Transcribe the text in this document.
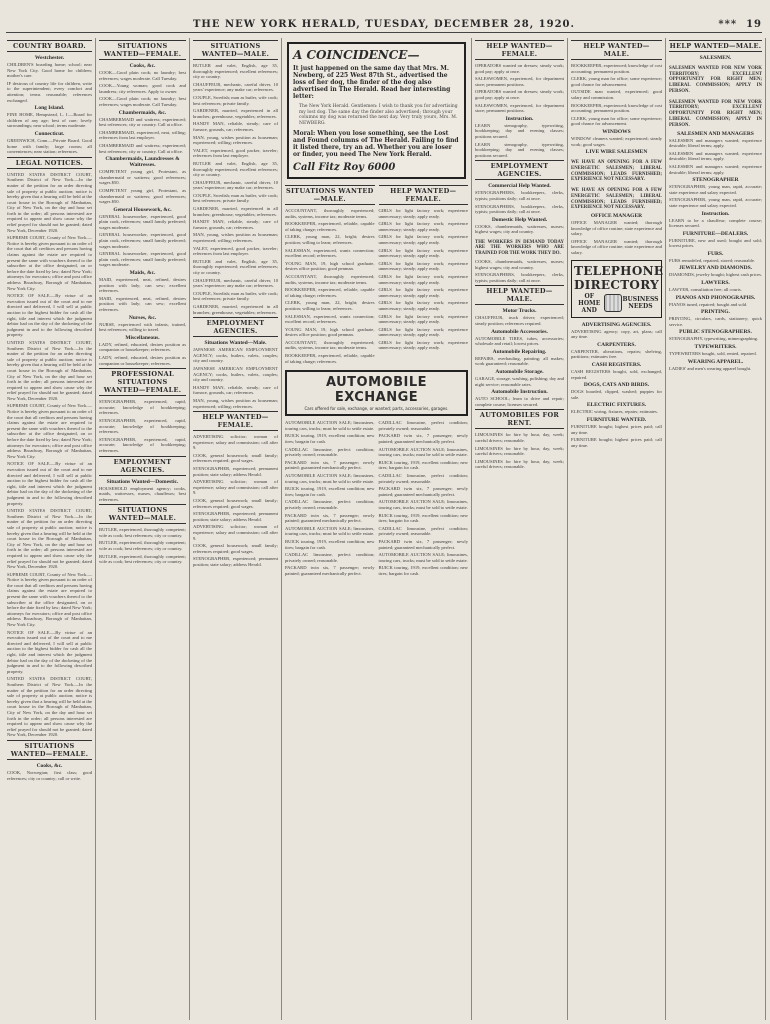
THE NEW YORK HERALD, TUESDAY, DECEMBER 28, 1920.	*** 19
COUNTRY BOARD.
Westchester.

CHILDREN'S boarding home; school; near New York City. Good home for children; mother's care.

IF desirous of country life for children, write to the superintendent; every comfort and attention; terms reasonable; references exchanged.

Long Island.

FINE HOME, Hempstead, L. I.—Board for children of any age; best of care; lovely surroundings; near school; terms moderate.

Connecticut.

GREENWICH, Conn.—Private Board. Good home with family; large rooms; all conveniences; near station; references.

LEGAL NOTICES.

UNITED STATES DISTRICT COURT, Southern District of New York.—In the matter of the petition for an order directing sale of property at public auction; notice is hereby given that a hearing will be held at the court house in the Borough of Manhattan, City of New York, on the day and hour set forth in the order; all persons interested are required to appear and show cause why the relief prayed for should not be granted; dated New York, December 1920.

SUPREME COURT, County of New York.—Notice is hereby given pursuant to an order of the court that all creditors and persons having claims against the estate are required to present the same with vouchers thereof to the subscriber at the office designated, on or before the date fixed by law; dated New York; attorneys for executors; office and post office address Broadway, Borough of Manhattan, New York City.

NOTICE OF SALE.—By virtue of an execution issued out of the court and to me directed and delivered, I will sell at public auction to the highest bidder for cash all the right, title and interest which the judgment debtor had on the day of the docketing of the judgment in and to the following described property.

UNITED STATES DISTRICT COURT, Southern District of New York.—In the matter of the petition for an order directing sale of property at public auction; notice is hereby given that a hearing will be held at the court house in the Borough of Manhattan, City of New York, on the day and hour set forth in the order; all persons interested are required to appear and show cause why the relief prayed for should not be granted; dated New York, December 1920.

SUPREME COURT, County of New York.—Notice is hereby given pursuant to an order of the court that all creditors and persons having claims against the estate are required to present the same with vouchers thereof to the subscriber at the office designated, on or before the date fixed by law; dated New York; attorneys for executors; office and post office address Broadway, Borough of Manhattan, New York City.

NOTICE OF SALE.—By virtue of an execution issued out of the court and to me directed and delivered, I will sell at public auction to the highest bidder for cash all the right, title and interest which the judgment debtor had on the day of the docketing of the judgment in and to the following described property.

UNITED STATES DISTRICT COURT, Southern District of New York.—In the matter of the petition for an order directing sale of property at public auction; notice is hereby given that a hearing will be held at the court house in the Borough of Manhattan, City of New York, on the day and hour set forth in the order; all persons interested are required to appear and show cause why the relief prayed for should not be granted; dated New York, December 1920.

SUPREME COURT, County of New York.—Notice is hereby given pursuant to an order of the court that all creditors and persons having claims against the estate are required to present the same with vouchers thereof to the subscriber at the office designated, on or before the date fixed by law; dated New York; attorneys for executors; office and post office address Broadway, Borough of Manhattan, New York City.

NOTICE OF SALE.—By virtue of an execution issued out of the court and to me directed and delivered, I will sell at public auction to the highest bidder for cash all the right, title and interest which the judgment debtor had on the day of the docketing of the judgment in and to the following described property.

UNITED STATES DISTRICT COURT, Southern District of New York.—In the matter of the petition for an order directing sale of property at public auction; notice is hereby given that a hearing will be held at the court house in the Borough of Manhattan, City of New York, on the day and hour set forth in the order; all persons interested are required to appear and show cause why the relief prayed for should not be granted; dated New York, December 1920.

SITUATIONS WANTED—FEMALE.
Cooks, &c.

COOK, Norwegian; first class; good references; city or country; call or write.

SITUATIONS WANTED—FEMALE.
Cooks, &c.

COOK—Good plain cook; no laundry; best references; wages moderate. Call Tuesday.

COOK—Young woman; good cook and laundress; city references. Apply to owner.

COOK—Good plain cook; no laundry; best references; wages moderate. Call Tuesday.

Chambermaids, &c.

CHAMBERMAID and waitress; experienced; best references; city or country. Call at office.

CHAMBERMAID, experienced, neat, willing; references from last employer.

CHAMBERMAID and waitress; experienced; best references; city or country. Call at office.

Chambermaids, Laundresses & Waitresses.

COMPETENT young girl, Protestant, as chambermaid or waitress; good references; wages $50.

COMPETENT young girl, Protestant, as chambermaid or waitress; good references; wages $50.

General Housework, &c.

GENERAL houseworker, experienced, good plain cook, references; small family preferred; wages moderate.

GENERAL houseworker, experienced, good plain cook, references; small family preferred; wages moderate.

GENERAL houseworker, experienced, good plain cook, references; small family preferred; wages moderate.

Maids, &c.

MAID, experienced, neat, refined, desires position with lady; can sew; excellent references.

MAID, experienced, neat, refined, desires position with lady; can sew; excellent references.

Nurses, &c.

NURSE, experienced with infants, trained, best references; willing to travel.

Miscellaneous.

LADY, refined, educated, desires position as companion or housekeeper; references.

LADY, refined, educated, desires position as companion or housekeeper; references.

PROFESSIONAL SITUATIONS WANTED—FEMALE.

STENOGRAPHER, experienced, rapid, accurate; knowledge of bookkeeping; references.

STENOGRAPHER, experienced, rapid, accurate; knowledge of bookkeeping; references.

STENOGRAPHER, experienced, rapid, accurate; knowledge of bookkeeping; references.

EMPLOYMENT AGENCIES.
Situations Wanted—Domestic.

HOUSEHOLD employment agency; cooks, maids, waitresses, nurses, chauffeurs; best references.

SITUATIONS WANTED—MALE.

BUTLER, experienced, thoroughly competent; wife as cook; best references; city or country.

BUTLER, experienced, thoroughly competent; wife as cook; best references; city or country.

BUTLER, experienced, thoroughly competent; wife as cook; best references; city or country.

SITUATIONS WANTED—MALE.

BUTLER and valet, English, age 35, thoroughly experienced; excellent references; city or country.

CHAUFFEUR, mechanic, careful driver, 10 years' experience; any make car; references.

COUPLE, Swedish; man as butler, wife cook; best references; private family.

GARDENER, married, experienced in all branches; greenhouse, vegetables; references.

HANDY MAN, reliable, steady; care of furnace, grounds, car; references.

MAN, young, wishes position as houseman; experienced; willing; references.

VALET, experienced, good packer, traveler; references from last employer.

BUTLER and valet, English, age 35, thoroughly experienced; excellent references; city or country.

CHAUFFEUR, mechanic, careful driver, 10 years' experience; any make car; references.

COUPLE, Swedish; man as butler, wife cook; best references; private family.

GARDENER, married, experienced in all branches; greenhouse, vegetables; references.

HANDY MAN, reliable, steady; care of furnace, grounds, car; references.

MAN, young, wishes position as houseman; experienced; willing; references.

VALET, experienced, good packer, traveler; references from last employer.

BUTLER and valet, English, age 35, thoroughly experienced; excellent references; city or country.

CHAUFFEUR, mechanic, careful driver, 10 years' experience; any make car; references.

COUPLE, Swedish; man as butler, wife cook; best references; private family.

GARDENER, married, experienced in all branches; greenhouse, vegetables; references.

EMPLOYMENT AGENCIES.
Situations Wanted—Male.

JAPANESE AMERICAN EMPLOYMENT AGENCY; cooks, butlers, valets, couples; city and country.

JAPANESE AMERICAN EMPLOYMENT AGENCY; cooks, butlers, valets, couples; city and country.

HANDY MAN, reliable, steady; care of furnace, grounds, car; references.

MAN, young, wishes position as houseman; experienced; willing; references.

HELP WANTED—FEMALE.

ADVERTISING solicitor; woman of experience; salary and commission; call after 9.

COOK, general housework; small family; references required; good wages.

STENOGRAPHER, experienced; permanent position; state salary; address Herald.

ADVERTISING solicitor; woman of experience; salary and commission; call after 9.

COOK, general housework; small family; references required; good wages.

STENOGRAPHER, experienced; permanent position; state salary; address Herald.

ADVERTISING solicitor; woman of experience; salary and commission; call after 9.

COOK, general housework; small family; references required; good wages.

STENOGRAPHER, experienced; permanent position; state salary; address Herald.

A COINCIDENCE—
It just happened on the same day that Mrs. M. Newberg, of 225 West 87th St., advertised the loss of her dog, the finder of the dog also advertised in The Herald. Read her interesting letter:
The New York Herald. Gentlemen: I wish to thank you for advertising my lost dog. The same day the finder also advertised; through your columns my dog was returned the next day. Very truly yours, Mrs. M. NEWBERG.
Moral: When you lose something, see the Lost and Found columns of The Herald. Failing to find it listed there, try an ad. Whether you are loser or finder, you need The New York Herald.
Call Fitz Roy 6000
SITUATIONS WANTED—MALE.

ACCOUNTANT, thoroughly experienced; audits, systems, income tax; moderate terms.

BOOKKEEPER, experienced, reliable, capable of taking charge; references.

CLERK, young man, 22, bright; desires position; willing to learn; references.

SALESMAN, experienced, wants connection; excellent record; references.

YOUNG MAN, 19, high school graduate, desires office position; good penman.

ACCOUNTANT, thoroughly experienced; audits, systems, income tax; moderate terms.

BOOKKEEPER, experienced, reliable, capable of taking charge; references.

CLERK, young man, 22, bright; desires position; willing to learn; references.

SALESMAN, experienced, wants connection; excellent record; references.

YOUNG MAN, 19, high school graduate, desires office position; good penman.

ACCOUNTANT, thoroughly experienced; audits, systems, income tax; moderate terms.

BOOKKEEPER, experienced, reliable, capable of taking charge; references.

HELP WANTED—FEMALE.

GIRLS for light factory work; experience unnecessary; steady; apply ready.

GIRLS for light factory work; experience unnecessary; steady; apply ready.

GIRLS for light factory work; experience unnecessary; steady; apply ready.

GIRLS for light factory work; experience unnecessary; steady; apply ready.

GIRLS for light factory work; experience unnecessary; steady; apply ready.

GIRLS for light factory work; experience unnecessary; steady; apply ready.

GIRLS for light factory work; experience unnecessary; steady; apply ready.

GIRLS for light factory work; experience unnecessary; steady; apply ready.

GIRLS for light factory work; experience unnecessary; steady; apply ready.

GIRLS for light factory work; experience unnecessary; steady; apply ready.

GIRLS for light factory work; experience unnecessary; steady; apply ready.

AUTOMOBILE EXCHANGE
Cars offered for sale, exchange, or wanted; parts, accessories, garages.

AUTOMOBILE AUCTION SALE; limousines, touring cars, trucks; must be sold to settle estate.

BUICK touring, 1919, excellent condition; new tires; bargain for cash.

CADILLAC limousine, perfect condition; privately owned; reasonable.

PACKARD twin six, 7 passenger; newly painted; guaranteed mechanically perfect.

AUTOMOBILE AUCTION SALE; limousines, touring cars, trucks; must be sold to settle estate.

BUICK touring, 1919, excellent condition; new tires; bargain for cash.

CADILLAC limousine, perfect condition; privately owned; reasonable.

PACKARD twin six, 7 passenger; newly painted; guaranteed mechanically perfect.

AUTOMOBILE AUCTION SALE; limousines, touring cars, trucks; must be sold to settle estate.

BUICK touring, 1919, excellent condition; new tires; bargain for cash.

CADILLAC limousine, perfect condition; privately owned; reasonable.

PACKARD twin six, 7 passenger; newly painted; guaranteed mechanically perfect.

CADILLAC limousine, perfect condition; privately owned; reasonable.

PACKARD twin six, 7 passenger; newly painted; guaranteed mechanically perfect.

AUTOMOBILE AUCTION SALE; limousines, touring cars, trucks; must be sold to settle estate.

BUICK touring, 1919, excellent condition; new tires; bargain for cash.

CADILLAC limousine, perfect condition; privately owned; reasonable.

PACKARD twin six, 7 passenger; newly painted; guaranteed mechanically perfect.

AUTOMOBILE AUCTION SALE; limousines, touring cars, trucks; must be sold to settle estate.

BUICK touring, 1919, excellent condition; new tires; bargain for cash.

CADILLAC limousine, perfect condition; privately owned; reasonable.

PACKARD twin six, 7 passenger; newly painted; guaranteed mechanically perfect.

AUTOMOBILE AUCTION SALE; limousines, touring cars, trucks; must be sold to settle estate.

BUICK touring, 1919, excellent condition; new tires; bargain for cash.

HELP WANTED—FEMALE.

OPERATORS wanted on dresses; steady work; good pay; apply at once.

SALESWOMEN, experienced, for department store; permanent positions.

OPERATORS wanted on dresses; steady work; good pay; apply at once.

SALESWOMEN, experienced, for department store; permanent positions.

Instruction.

LEARN stenography, typewriting, bookkeeping; day and evening classes; positions secured.

LEARN stenography, typewriting, bookkeeping; day and evening classes; positions secured.

EMPLOYMENT AGENCIES.
Commercial Help Wanted.

STENOGRAPHERS, bookkeepers, clerks, typists; positions daily; call at once.

STENOGRAPHERS, bookkeepers, clerks, typists; positions daily; call at once.

Domestic Help Wanted.

COOKS, chambermaids, waitresses, nurses; highest wages; city and country.

THE WORKERS IN DEMAND TODAY ARE THE WORKERS WHO ARE TRAINED FOR THE WORK THEY DO.

COOKS, chambermaids, waitresses, nurses; highest wages; city and country.

STENOGRAPHERS, bookkeepers, clerks, typists; positions daily; call at once.

HELP WANTED—MALE.
Motor Trucks.

CHAUFFEUR, truck driver; experienced; steady position; references required.

Automobile Accessories.

AUTOMOBILE TIRES, tubes, accessories; wholesale and retail; lowest prices.

Automobile Repairing.

REPAIRS, overhauling, painting; all makes; work guaranteed; reasonable.

Automobile Storage.

GARAGE, storage, washing, polishing; day and night service; reasonable rates.

Automobile Instruction.

AUTO SCHOOL; learn to drive and repair; complete course; licenses secured.

AUTOMOBILES FOR RENT.

LIMOUSINES for hire by hour, day, week; careful drivers; reasonable.

LIMOUSINES for hire by hour, day, week; careful drivers; reasonable.

LIMOUSINES for hire by hour, day, week; careful drivers; reasonable.

HELP WANTED—MALE.

BOOKKEEPER, experienced; knowledge of cost accounting; permanent position.

CLERK, young man for office; some experience; good chance for advancement.

OUTSIDE man wanted, experienced; good salary and commission.

BOOKKEEPER, experienced; knowledge of cost accounting; permanent position.

CLERK, young man for office; some experience; good chance for advancement.

WINDOWS

WINDOW cleaners wanted; experienced; steady work; good wages.

LIVE WIRE SALESMEN

WE HAVE AN OPENING FOR A FEW ENERGETIC SALESMEN; LIBERAL COMMISSION; LEADS FURNISHED; EXPERIENCE NOT NECESSARY.

WE HAVE AN OPENING FOR A FEW ENERGETIC SALESMEN; LIBERAL COMMISSION; LEADS FURNISHED; EXPERIENCE NOT NECESSARY.

OFFICE MANAGER

OFFICE MANAGER wanted; thorough knowledge of office routine; state experience and salary.

OFFICE MANAGER wanted; thorough knowledge of office routine; state experience and salary.

TELEPHONE DIRECTORY
OF HOME AND
BUSINESS NEEDS
ADVERTISING AGENCIES.

ADVERTISING agency; copy, art, plans; call any time.

CARPENTERS.

CARPENTER, alterations, repairs; shelving, partitions; estimates free.

CASH REGISTERS.

CASH REGISTERS bought, sold, exchanged, repaired.

DOGS, CATS AND BIRDS.

DOGS boarded, clipped, washed; puppies for sale.

ELECTRIC FIXTURES.

ELECTRIC wiring, fixtures, repairs; estimates.

FURNITURE WANTED.

FURNITURE bought; highest prices paid; call any time.

FURNITURE bought; highest prices paid; call any time.

HELP WANTED—MALE.
SALESMEN.

SALESMEN WANTED FOR NEW YORK TERRITORY; EXCELLENT OPPORTUNITY FOR RIGHT MEN; LIBERAL COMMISSION; APPLY IN PERSON.

SALESMEN WANTED FOR NEW YORK TERRITORY; EXCELLENT OPPORTUNITY FOR RIGHT MEN; LIBERAL COMMISSION; APPLY IN PERSON.

SALESMEN AND MANAGERS

SALESMEN and managers wanted; experience desirable; liberal terms; apply.

SALESMEN and managers wanted; experience desirable; liberal terms; apply.

SALESMEN and managers wanted; experience desirable; liberal terms; apply.

STENOGRAPHER

STENOGRAPHER, young man, rapid, accurate; state experience and salary expected.

STENOGRAPHER, young man, rapid, accurate; state experience and salary expected.

Instruction.

LEARN to be a chauffeur; complete course; licenses secured.

FURNITURE—DEALERS.

FURNITURE, new and used; bought and sold; lowest prices.

FURS.

FURS remodeled, repaired, stored; reasonable.

JEWELRY AND DIAMONDS.

DIAMONDS, jewelry bought; highest cash prices.

LAWYERS.

LAWYER, consultation free; all courts.

PIANOS AND PHONOGRAPHS.

PIANOS tuned, repaired; bought and sold.

PRINTING.

PRINTING, circulars, cards, stationery; quick service.

PUBLIC STENOGRAPHERS.

STENOGRAPHY, typewriting, mimeographing.

TYPEWRITERS.

TYPEWRITERS bought, sold, rented, repaired.

WEARING APPAREL.

LADIES' and men's wearing apparel bought.
